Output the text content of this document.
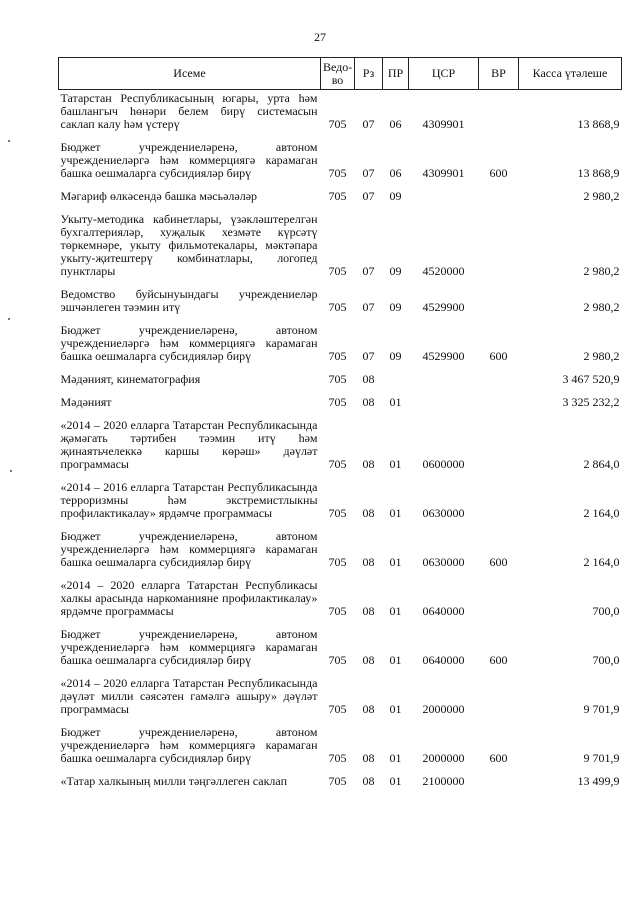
27
Исеме	Ведо-во	Рз	ПР	ЦСР	ВР	Касса үтәлеше
Татарстан Республикасының югары, урта һәм башлангыч һөнәри белем бирү системасын саклап калу һәм үстерү	705	07	06	4309901		13 868,9
Бюджет учреждениеләренә, автоном учреждениеләргә һәм коммерциягә карамаган башка оешмаларга субсидияләр бирү	705	07	06	4309901	600	13 868,9
Мәгариф өлкәсендә башка мәсьәләләр	705	07	09			2 980,2
Укыту-методика кабинетлары, үзәкләштерелгән бухгалтерияләр, хуҗалык хезмәте күрсәтү төркемнәре, укыту фильмотекалары, мәктәпара укыту-җитештерү комбинатлары, логопед пунктлары	705	07	09	4520000		2 980,2
Ведомство буйсынуындагы учреждениеләр эшчәнлеген тәэмин итү	705	07	09	4529900		2 980,2
Бюджет учреждениеләренә, автоном учреждениеләргә һәм коммерциягә карамаган башка оешмаларга субсидияләр бирү	705	07	09	4529900	600	2 980,2
Мәдәният, кинематография	705	08				3 467 520,9
Мәдәният	705	08	01			3 325 232,2
«2014 – 2020 елларга Татарстан Республикасында җәмәгать тәртибен тәэмин итү һәм җинаятьчелеккә каршы көрәш» дәүләт программасы	705	08	01	0600000		2 864,0
«2014 – 2016 елларга Татарстан Республикасында терроризмны һәм экстремистлыкны профилактикалау» ярдәмче программасы	705	08	01	0630000		2 164,0
Бюджет учреждениеләренә, автоном учреждениеләргә һәм коммерциягә карамаган башка оешмаларга субсидияләр бирү	705	08	01	0630000	600	2 164,0
«2014 – 2020 елларга Татарстан Республикасы халкы арасында наркоманияне профилактикалау» ярдәмче программасы	705	08	01	0640000		700,0
Бюджет учреждениеләренә, автоном учреждениеләргә һәм коммерциягә карамаган башка оешмаларга субсидияләр бирү	705	08	01	0640000	600	700,0
«2014 – 2020 елларга Татарстан Республикасында дәүләт милли сәясәтен гамәлгә ашыру» дәүләт программасы	705	08	01	2000000		9 701,9
Бюджет учреждениеләренә, автоном учреждениеләргә һәм коммерциягә карамаган башка оешмаларга субсидияләр бирү	705	08	01	2000000	600	9 701,9
«Татар халкының милли тәңгәллеген саклап	705	08	01	2100000		13 499,9
